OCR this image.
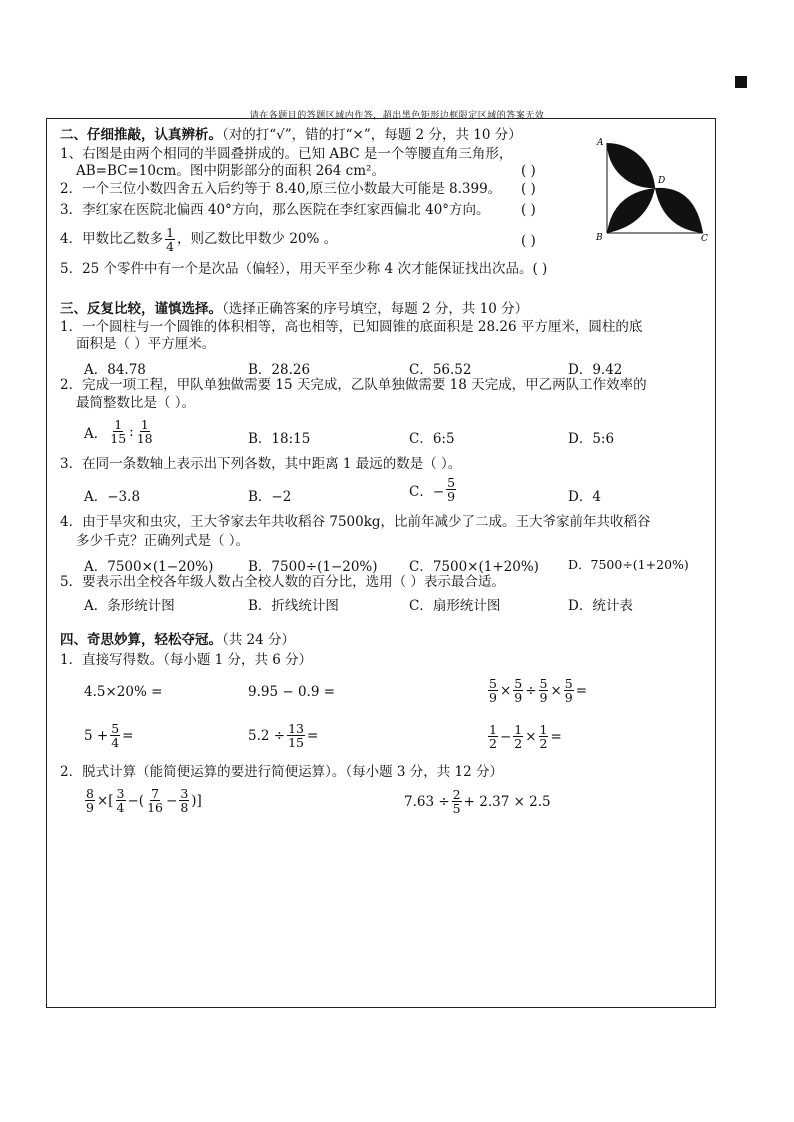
请在各题目的答题区域内作答，超出黑色矩形边框限定区域的答案无效
二、仔细推敲，认真辨析。（对的打“√”，错的打“×”，每题 2 分，共 10 分）
1、右图是由两个相同的半圆叠拼成的。已知 ABC 是一个等腰直角三角形，
AB=BC=10cm。图中阴影部分的面积 264 cm²。	( )
2．一个三位小数四舍五入后约等于 8.40,原三位小数最大可能是 8.399。 ( )
3．李红家在医院北偏西 40°方向，那么医院在李红家西偏北 40°方向。 ( )
4．甲数比乙数多 $\frac{1}{4}$ ，则乙数比甲数少 20% 。	( )
5．25 个零件中有一个是次品（偏轻），用天平至少称 4 次才能保证找出次品。( )
A
D
B	C
三、反复比较，谨慎选择。（选择正确答案的序号填空，每题 2 分，共 10 分）
1．一个圆柱与一个圆锥的体积相等，高也相等，已知圆锥的底面积是 28.26 平方厘米，圆柱的底
面积是（ ）平方厘米。
A．84.78	B．28.26	C．56.52	D．9.42
2．完成一项工程，甲队单独做需要 15 天完成，乙队单独做需要 18 天完成，甲乙两队工作效率的
最简整数比是（ ）。
A． $\frac{1}{15}$ : $\frac{1}{18}$	B．18:15	C．6:5	D．5:6
3．在同一条数轴上表示出下列各数，其中距离 1 最远的数是（ ）。
A．−3.8	B．−2	C．− $\frac{5}{9}$	D．4
4．由于旱灾和虫灾，王大爷家去年共收稻谷 7500kg，比前年减少了二成。王大爷家前年共收稻谷
多少千克？正确列式是（ ）。
A．7500×(1−20%)	B．7500÷(1−20%) C．7500×(1+20%) D．7500÷(1+20%)
5．要表示出全校各年级人数占全校人数的百分比，选用（ ）表示最合适。
A．条形统计图	B．折线统计图	C．扇形统计图	D．统计表
四、奇思妙算，轻松夺冠。（共 24 分）
1．直接写得数。（每小题 1 分，共 6 分）
4.5×20% =	9.95 − 0.9 =	$\frac{5}{9} \times \frac{5}{9} \div \frac{5}{9} \times \frac{5}{9}$ =
$5 + \frac{5}{4}$ =	$5.2 \div \frac{13}{15}$ =	$\frac{1}{2} - \frac{1}{2} \times \frac{1}{2}$ =
2．脱式计算（能简便运算的要进行简便运算）。（每小题 3 分，共 12 分）
$\frac{8}{9}$ ×[ $\frac{3}{4}$ −( $\frac{7}{16} - \frac{3}{8}$ )]	$7.63 \div \frac{2}{5} + 2.37 \times 2.5$
